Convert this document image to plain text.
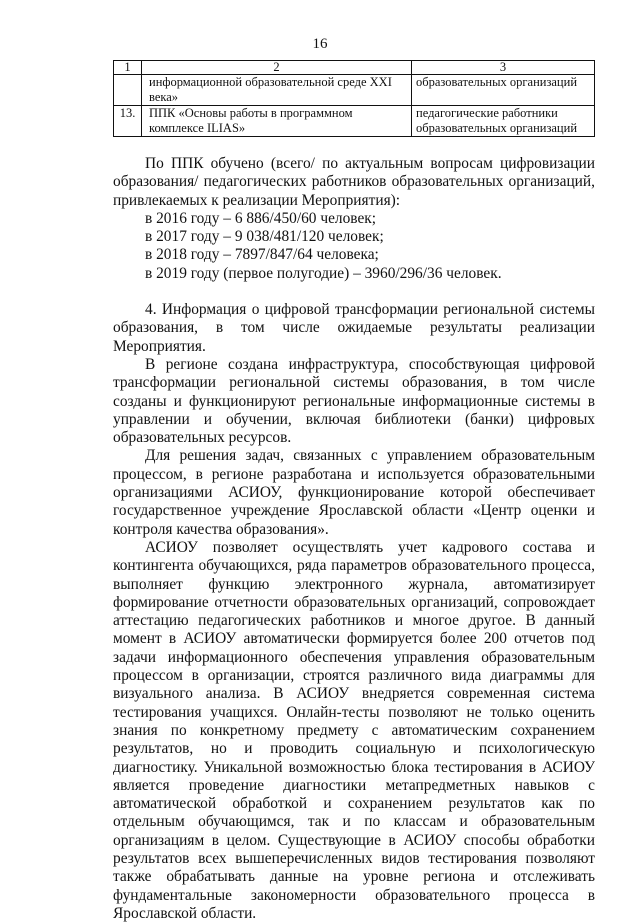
16
1	2	3
	информационной образовательной среде XXI века»	образовательных организаций
13.	ППК «Основы работы в программном комплексе ILIAS»	педагогические работники образовательных организаций

По ППК обучено (всего/ по актуальным вопросам цифровизации образования/ педагогических работников образовательных организаций, привлекаемых к реализации Мероприятия):

в 2016 году – 6 886/450/60 человек;

в 2017 году – 9 038/481/120 человек;

в 2018 году – 7897/847/64 человека;

в 2019 году (первое полугодие) – 3960/296/36 человек.

4. Информация о цифровой трансформации региональной системы образования, в том числе ожидаемые результаты реализации Мероприятия.

В регионе создана инфраструктура, способствующая цифровой трансформации региональной системы образования, в том числе созданы и функционируют региональные информационные системы в управлении и обучении, включая библиотеки (банки) цифровых образовательных ресурсов.

Для решения задач, связанных с управлением образовательным процессом, в регионе разработана и используется образовательными организациями АСИОУ, функционирование которой обеспечивает государственное учреждение Ярославской области «Центр оценки и контроля качества образования».

АСИОУ позволяет осуществлять учет кадрового состава и контингента обучающихся, ряда параметров образовательного процесса, выполняет функцию электронного журнала, автоматизирует формирование отчетности образовательных организаций, сопровождает аттестацию педагогических работников и многое другое. В данный момент в АСИОУ автоматически формируется более 200 отчетов под задачи информационного обеспечения управления образовательным процессом в организации, строятся различного вида диаграммы для визуального анализа. В АСИОУ внедряется современная система тестирования учащихся. Онлайн-тесты позволяют не только оценить знания по конкретному предмету с автоматическим сохранением результатов, но и проводить социальную и психологическую диагностику. Уникальной возможностью блока тестирования в АСИОУ является проведение диагностики метапредметных навыков с автоматической обработкой и сохранением результатов как по отдельным обучающимся, так и по классам и образовательным организациям в целом. Существующие в АСИОУ способы обработки результатов всех вышеперечисленных видов тестирования позволяют также обрабатывать данные на уровне региона и отслеживать фундаментальные закономерности образовательного процесса в Ярославской области.
